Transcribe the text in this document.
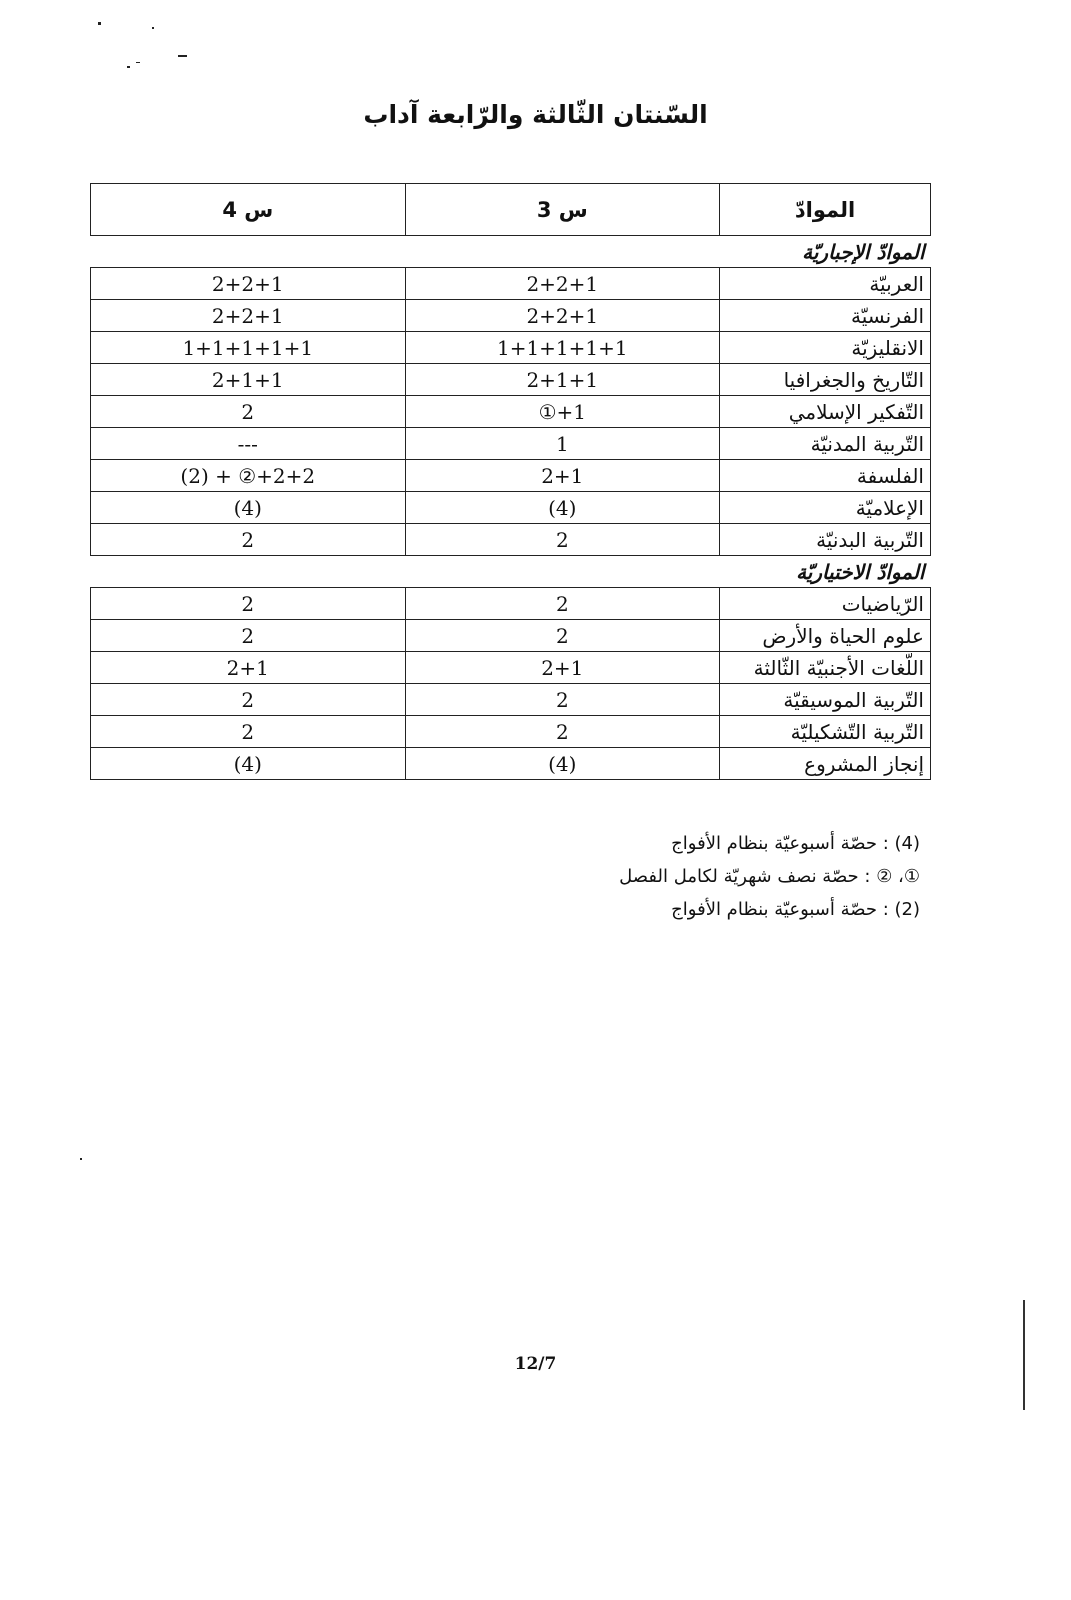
السّنتان الثّالثة والرّابعة آداب
الموادّ	س 3	س 4
الموادّ الإجباريّة		
العربيّة	2+2+1	2+2+1
الفرنسيّة	2+2+1	2+2+1
الانقليزيّة	1+1+1+1+1	1+1+1+1+1
التّاريخ والجغرافيا	2+1+1	2+1+1
التّفكير الإسلامي	①+1	2
التّربية المدنيّة	1	---
الفلسفة	2+1	(2) + ②+2+2
الإعلاميّة	(4)	(4)
التّربية البدنيّة	2	2
الموادّ الاختياريّة		
الرّياضيات	2	2
علوم الحياة والأرض	2	2
اللّغات الأجنبيّة الثّالثة	2+1	2+1
التّربية الموسيقيّة	2	2
التّربية التّشكيليّة	2	2
إنجاز المشروع	(4)	(4)
(4) : حصّة أسبوعيّة بنظام الأفواج
①، ② : حصّة نصف شهريّة لكامل الفصل
(2) : حصّة أسبوعيّة بنظام الأفواج
12/7
